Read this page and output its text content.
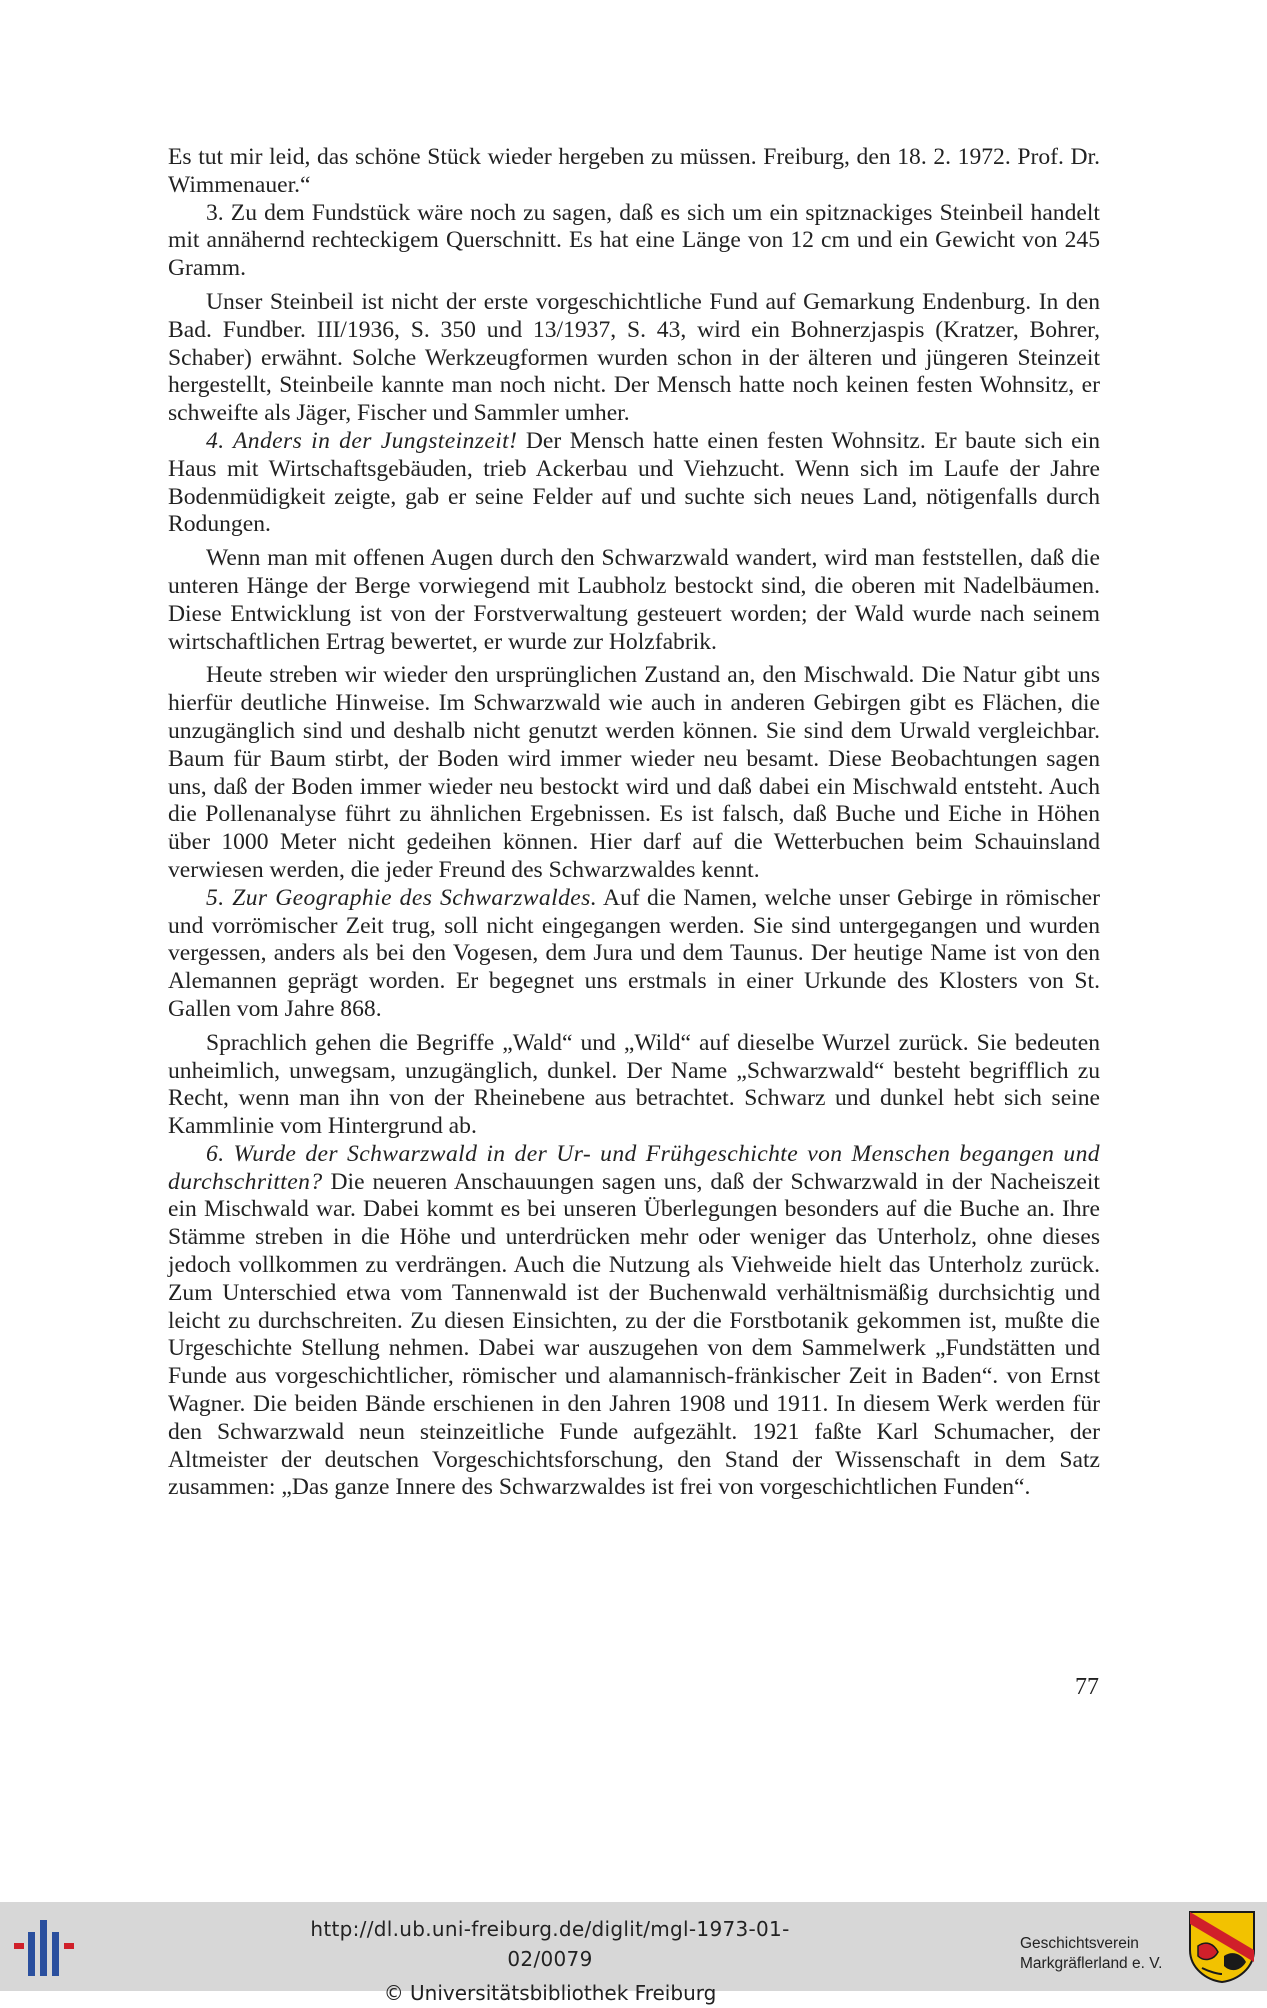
Es tut mir leid, das schöne Stück wieder hergeben zu müssen. Freiburg, den 18. 2. 1972. Prof. Dr. Wimmenauer.“

3. Zu dem Fundstück wäre noch zu sagen, daß es sich um ein spitznackiges Steinbeil handelt mit annähernd rechteckigem Querschnitt. Es hat eine Länge von 12 cm und ein Gewicht von 245 Gramm.

Unser Steinbeil ist nicht der erste vorgeschichtliche Fund auf Gemarkung Endenburg. In den Bad. Fundber. III/1936, S. 350 und 13/1937, S. 43, wird ein Bohnerzjaspis (Kratzer, Bohrer, Schaber) erwähnt. Solche Werkzeugformen wurden schon in der älteren und jüngeren Steinzeit hergestellt, Steinbeile kannte man noch nicht. Der Mensch hatte noch keinen festen Wohnsitz, er schweifte als Jäger, Fischer und Sammler umher.

4. Anders in der Jungsteinzeit! Der Mensch hatte einen festen Wohnsitz. Er baute sich ein Haus mit Wirtschaftsgebäuden, trieb Ackerbau und Viehzucht. Wenn sich im Laufe der Jahre Bodenmüdigkeit zeigte, gab er seine Felder auf und suchte sich neues Land, nötigenfalls durch Rodungen.

Wenn man mit offenen Augen durch den Schwarzwald wandert, wird man feststellen, daß die unteren Hänge der Berge vorwiegend mit Laubholz bestockt sind, die oberen mit Nadelbäumen. Diese Entwicklung ist von der Forstverwaltung gesteuert worden; der Wald wurde nach seinem wirtschaftlichen Ertrag bewertet, er wurde zur Holzfabrik.

Heute streben wir wieder den ursprünglichen Zustand an, den Mischwald. Die Natur gibt uns hierfür deutliche Hinweise. Im Schwarzwald wie auch in anderen Gebirgen gibt es Flächen, die unzugänglich sind und deshalb nicht genutzt werden können. Sie sind dem Urwald vergleichbar. Baum für Baum stirbt, der Boden wird immer wieder neu besamt. Diese Beobachtungen sagen uns, daß der Boden immer wieder neu bestockt wird und daß dabei ein Mischwald entsteht. Auch die Pollenanalyse führt zu ähnlichen Ergebnissen. Es ist falsch, daß Buche und Eiche in Höhen über 1000 Meter nicht gedeihen können. Hier darf auf die Wetterbuchen beim Schauinsland verwiesen werden, die jeder Freund des Schwarzwaldes kennt.

5. Zur Geographie des Schwarzwaldes. Auf die Namen, welche unser Gebirge in römischer und vorrömischer Zeit trug, soll nicht eingegangen werden. Sie sind untergegangen und wurden vergessen, anders als bei den Vogesen, dem Jura und dem Taunus. Der heutige Name ist von den Alemannen geprägt worden. Er begegnet uns erstmals in einer Urkunde des Klosters von St. Gallen vom Jahre 868.

Sprachlich gehen die Begriffe „Wald“ und „Wild“ auf dieselbe Wurzel zurück. Sie bedeuten unheimlich, unwegsam, unzugänglich, dunkel. Der Name „Schwarzwald“ besteht begrifflich zu Recht, wenn man ihn von der Rheinebene aus betrachtet. Schwarz und dunkel hebt sich seine Kammlinie vom Hintergrund ab.

6. Wurde der Schwarzwald in der Ur- und Frühgeschichte von Menschen begangen und durchschritten? Die neueren Anschauungen sagen uns, daß der Schwarzwald in der Nacheiszeit ein Mischwald war. Dabei kommt es bei unseren Überlegungen besonders auf die Buche an. Ihre Stämme streben in die Höhe und unterdrücken mehr oder weniger das Unterholz, ohne dieses jedoch vollkommen zu verdrängen. Auch die Nutzung als Viehweide hielt das Unterholz zurück. Zum Unterschied etwa vom Tannenwald ist der Buchenwald verhältnismäßig durchsichtig und leicht zu durchschreiten. Zu diesen Einsichten, zu der die Forstbotanik gekommen ist, mußte die Urgeschichte Stellung nehmen. Dabei war auszugehen von dem Sammelwerk „Fundstätten und Funde aus vorgeschichtlicher, römischer und alamannisch-fränkischer Zeit in Baden“. von Ernst Wagner. Die beiden Bände erschienen in den Jahren 1908 und 1911. In diesem Werk werden für den Schwarzwald neun steinzeitliche Funde aufgezählt. 1921 faßte Karl Schumacher, der Altmeister der deutschen Vorgeschichtsforschung, den Stand der Wissenschaft in dem Satz zusammen: „Das ganze Innere des Schwarzwaldes ist frei von vorgeschichtlichen Funden“.

77
http://dl.ub.uni-freiburg.de/diglit/mgl-1973-01-02/0079
© Universitätsbibliothek Freiburg
Geschichtsverein
Markgräflerland e. V.
